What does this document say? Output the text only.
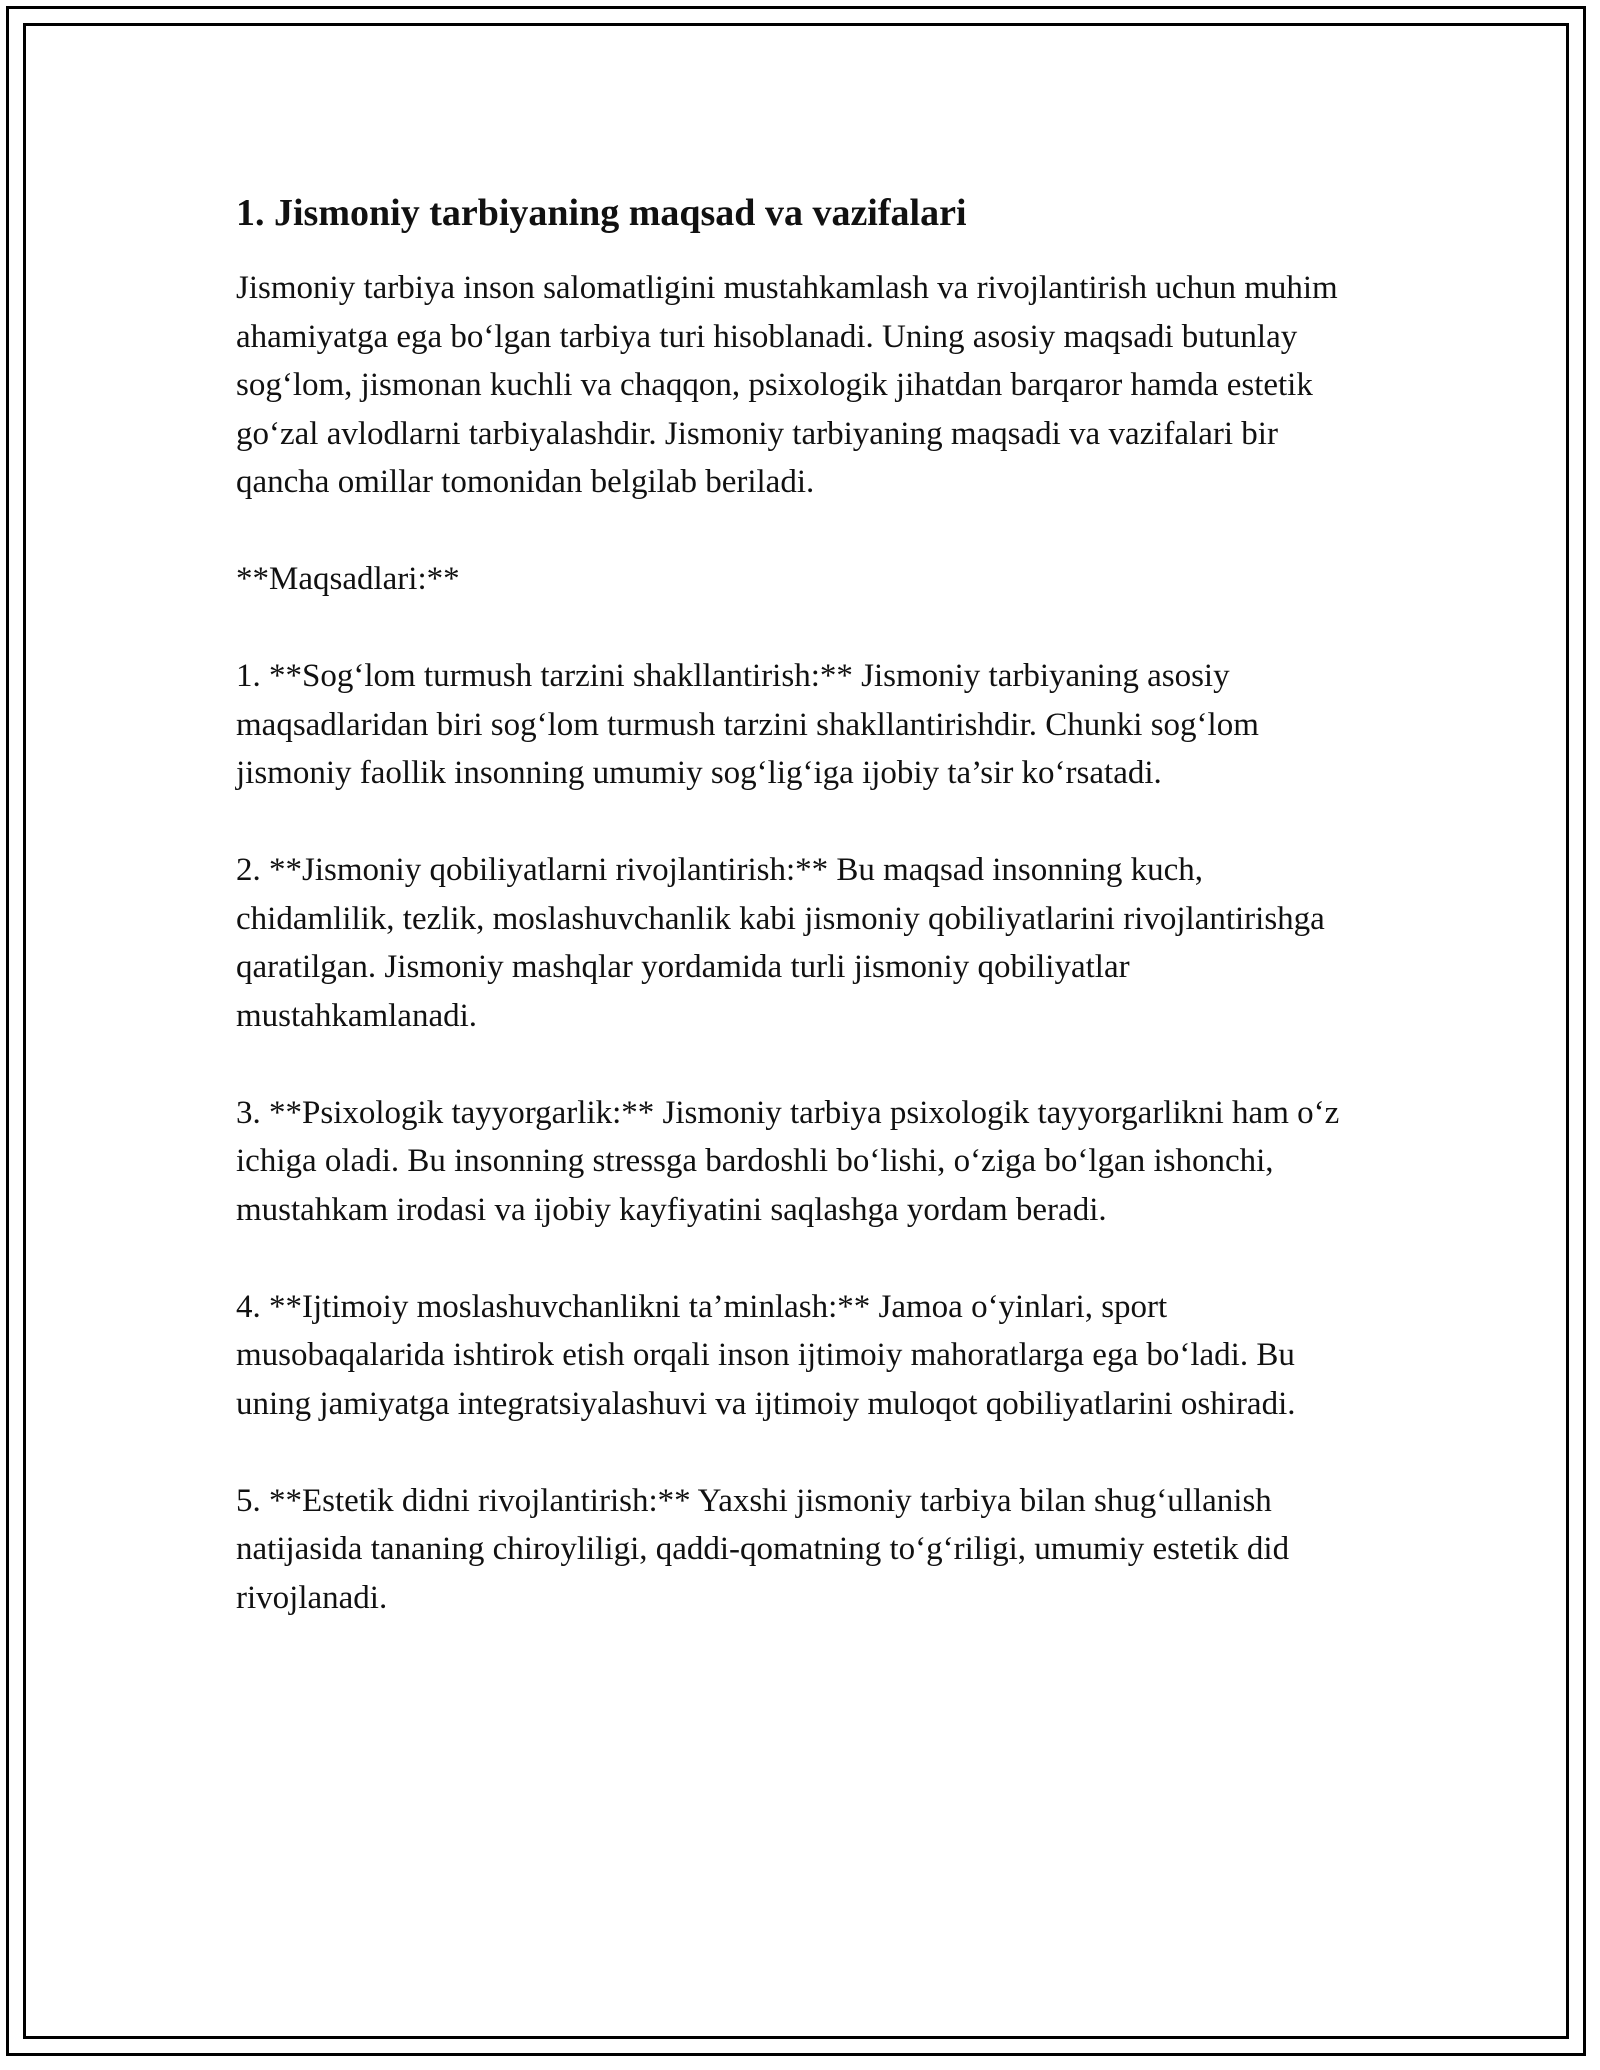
1. Jismoniy tarbiyaning maqsad va vazifalari

Jismoniy tarbiya inson salomatligini mustahkamlash va rivojlantirish uchun muhim ahamiyatga ega bo‘lgan tarbiya turi hisoblanadi. Uning asosiy maqsadi butunlay sog‘lom, jismonan kuchli va chaqqon, psixologik jihatdan barqaror hamda estetik go‘zal avlodlarni tarbiyalashdir. Jismoniy tarbiyaning maqsadi va vazifalari bir qancha omillar tomonidan belgilab beriladi.

**Maqsadlari:**

1. **Sog‘lom turmush tarzini shakllantirish:** Jismoniy tarbiyaning asosiy maqsadlaridan biri sog‘lom turmush tarzini shakllantirishdir. Chunki sog‘lom jismoniy faollik insonning umumiy sog‘lig‘iga ijobiy ta’sir ko‘rsatadi.

2. **Jismoniy qobiliyatlarni rivojlantirish:** Bu maqsad insonning kuch, chidamlilik, tezlik, moslashuvchanlik kabi jismoniy qobiliyatlarini rivojlantirishga qaratilgan. Jismoniy mashqlar yordamida turli jismoniy qobiliyatlar mustahkamlanadi.

3. **Psixologik tayyorgarlik:** Jismoniy tarbiya psixologik tayyorgarlikni ham o‘z ichiga oladi. Bu insonning stressga bardoshli bo‘lishi, o‘ziga bo‘lgan ishonchi, mustahkam irodasi va ijobiy kayfiyatini saqlashga yordam beradi.

4. **Ijtimoiy moslashuvchanlikni ta’minlash:** Jamoa o‘yinlari, sport musobaqalarida ishtirok etish orqali inson ijtimoiy mahoratlarga ega bo‘ladi. Bu uning jamiyatga integratsiyalashuvi va ijtimoiy muloqot qobiliyatlarini oshiradi.

5. **Estetik didni rivojlantirish:** Yaxshi jismoniy tarbiya bilan shug‘ullanish natijasida tananing chiroyliligi, qaddi-qomatning to‘g‘riligi, umumiy estetik did rivojlanadi.
